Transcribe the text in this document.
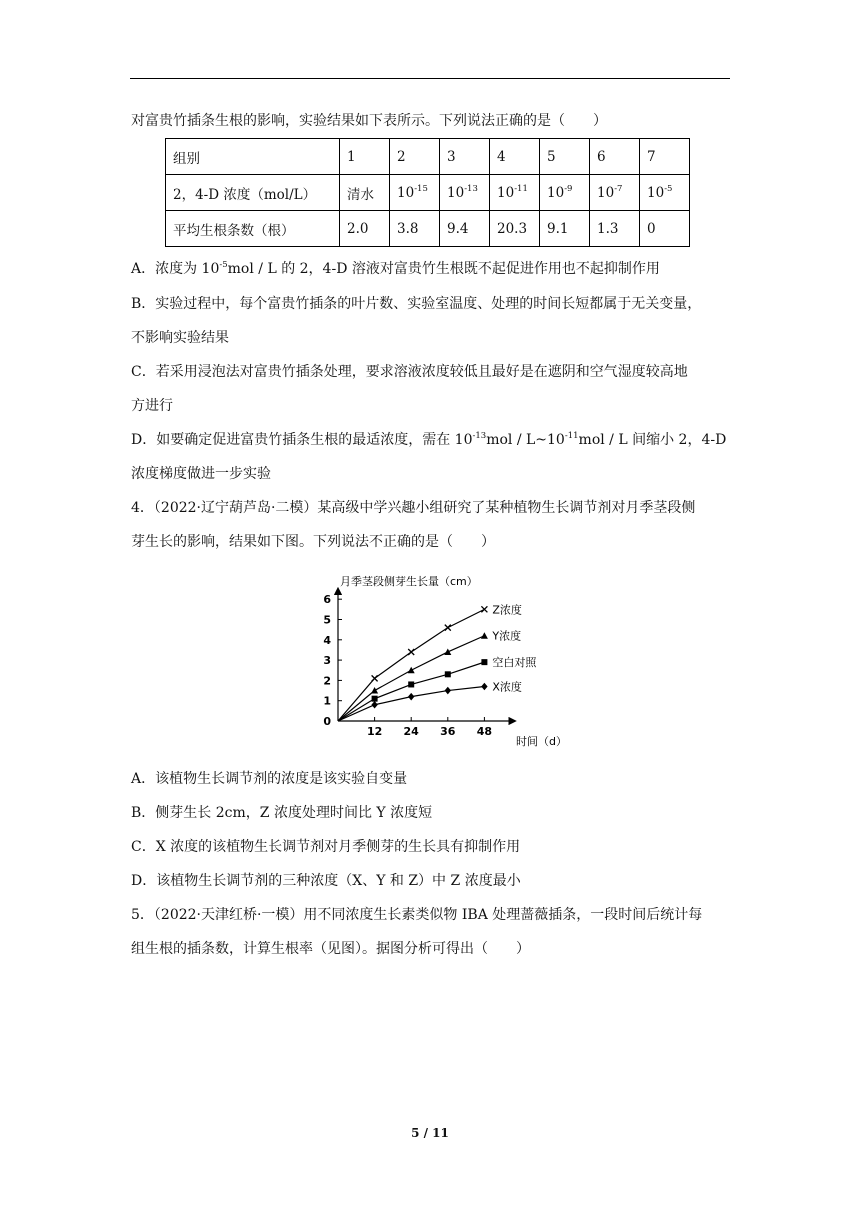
对富贵竹插条生根的影响，实验结果如下表所示。下列说法正确的是（　　）
组别	1	2	3	4	5	6	7
2，4-D 浓度（mol/L）	清水	$10^{-15}$	$10^{-13}$	$10^{-11}$	$10^{-9}$	$10^{-7}$	$10^{-5}$
平均生根条数（根）	2.0	3.8	9.4	20.3	9.1	1.3	0
A．浓度为 $10^{-5}mol$ / L 的 2，4-D 溶液对富贵竹生根既不起促进作用也不起抑制作用
B．实验过程中，每个富贵竹插条的叶片数、实验室温度、处理的时间长短都属于无关变量，
不影响实验结果
C．若采用浸泡法对富贵竹插条处理，要求溶液浓度较低且最好是在遮阴和空气湿度较高地
方进行
D．如要确定促进富贵竹插条生根的最适浓度，需在 $10^{-13}mol$ / $L\sim 10^{-11}mol$ / L 间缩小 2，4-D
浓度梯度做进一步实验
4．（2022·辽宁葫芦岛·二模）某高级中学兴趣小组研究了某种植物生长调节剂对月季茎段侧
芽生长的影响，结果如下图。下列说法不正确的是（　　）
0
1
2
3
4
5
6
12 24 36 48
Z浓度
Y浓度
空白对照
X浓度
月季茎段侧芽生长量（cm）
时间（d）
A．该植物生长调节剂的浓度是该实验自变量
B．侧芽生长 2cm，Z 浓度处理时间比 Y 浓度短
C．X 浓度的该植物生长调节剂对月季侧芽的生长具有抑制作用
D．该植物生长调节剂的三种浓度（X、Y 和 Z）中 Z 浓度最小
5．（2022·天津红桥·一模）用不同浓度生长素类似物 IBA 处理蔷薇插条，一段时间后统计每
组生根的插条数，计算生根率（见图）。据图分析可得出（　　）
5 / 11
